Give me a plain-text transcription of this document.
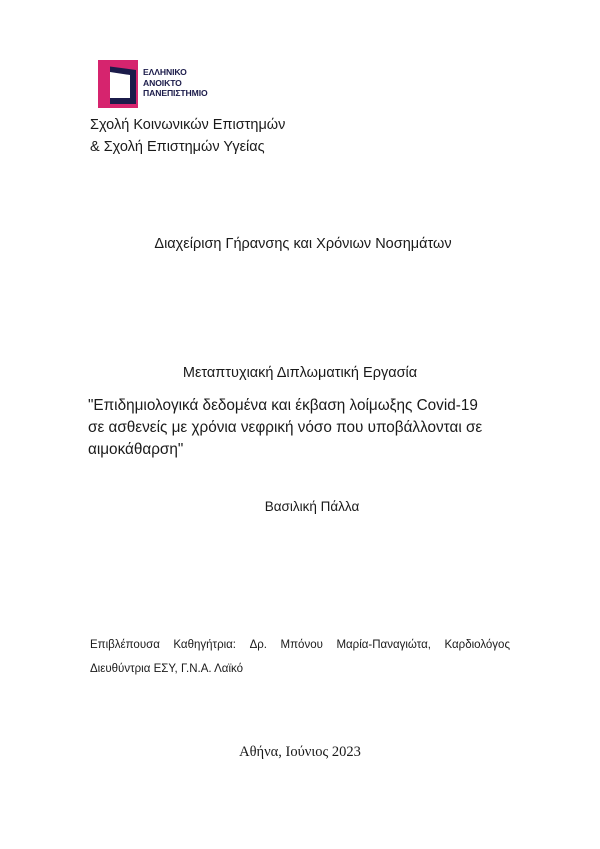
ΕΛΛΗΝΙΚΟ
ΑΝΟΙΚΤΟ
ΠΑΝΕΠΙΣΤΗΜΙΟ
Σχολή Κοινωνικών Επιστημών
& Σχολή Επιστημών Υγείας
Διαχείριση Γήρανσης και Χρόνιων Νοσημάτων
Μεταπτυχιακή Διπλωματική Εργασία
"Επιδημιολογικά δεδομένα και έκβαση λοίμωξης Covid-19
σε ασθενείς με χρόνια νεφρική νόσο που υποβάλλονται σε
αιμοκάθαρση"
Βασιλική Πάλλα
Επιβλέπουσα Καθηγήτρια: Δρ. Μπόνου Μαρία-Παναγιώτα, Καρδιολόγος
Διευθύντρια ΕΣΥ, Γ.Ν.Α. Λαϊκό
Αθήνα, Ιούνιος 2023
